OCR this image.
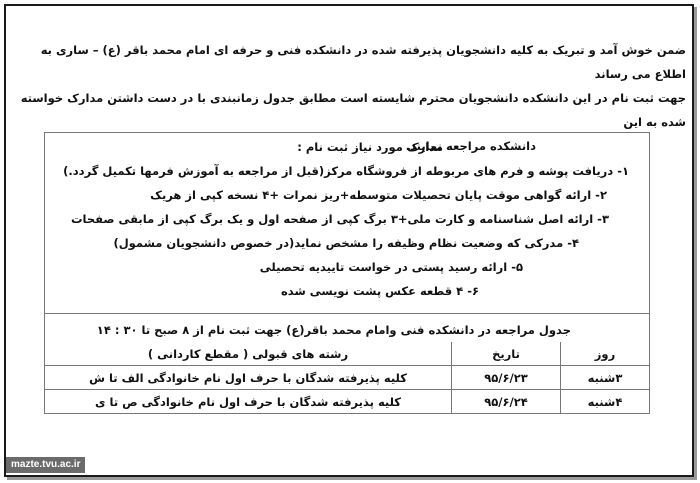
ضمن خوش آمد و تبریک به کلیه دانشجویان پذیرفته شده در دانشکده فنی و حرفه ای امام محمد باقر (ع) – ساری به اطلاع می رساند

جهت ثبت نام در این دانشکده دانشجویان محترم شایسته است مطابق جدول زمانبندی با در دست داشتن مدارک خواسته شده به این

دانشکده مراجعه نمایند.

مدارک مورد نیاز ثبت نام :
۱- دریافت پوشه و فرم های مربوطه از فروشگاه مرکز(قبل از مراجعه به آموزش فرمها تکمیل گردد.)
۲- ارائه گواهی موقت پایان تحصیلات متوسطه+ریز نمرات +۴ نسخه کپی از هریک
۳- ارائه اصل شناسنامه و کارت ملی+۳ برگ کپی از صفحه اول و یک برگ کپی از مابقی صفحات
۴- مدرکی که وضعیت نظام وظیفه را مشخص نماید(در خصوص دانشجویان مشمول)
۵- ارائه رسید پستی در خواست تاییدیه تحصیلی
۶- ۴ قطعه عکس پشت نویسی شده
جدول مراجعه در دانشکده فنی وامام محمد باقر(ع) جهت ثبت نام از ۸ صبح تا ۳۰ : ۱۴
روز	تاریخ	رشته های قبولی ( مقطع کاردانی )
۳شنبه	۹۵/۶/۲۳	کلیه پذیرفته شدگان با حرف اول نام خانوادگی الف تا ش
۴شنبه	۹۵/۶/۲۴	کلیه پذیرفته شدگان با حرف اول نام خانوادگی ص تا ی
mazte.tvu.ac.ir
